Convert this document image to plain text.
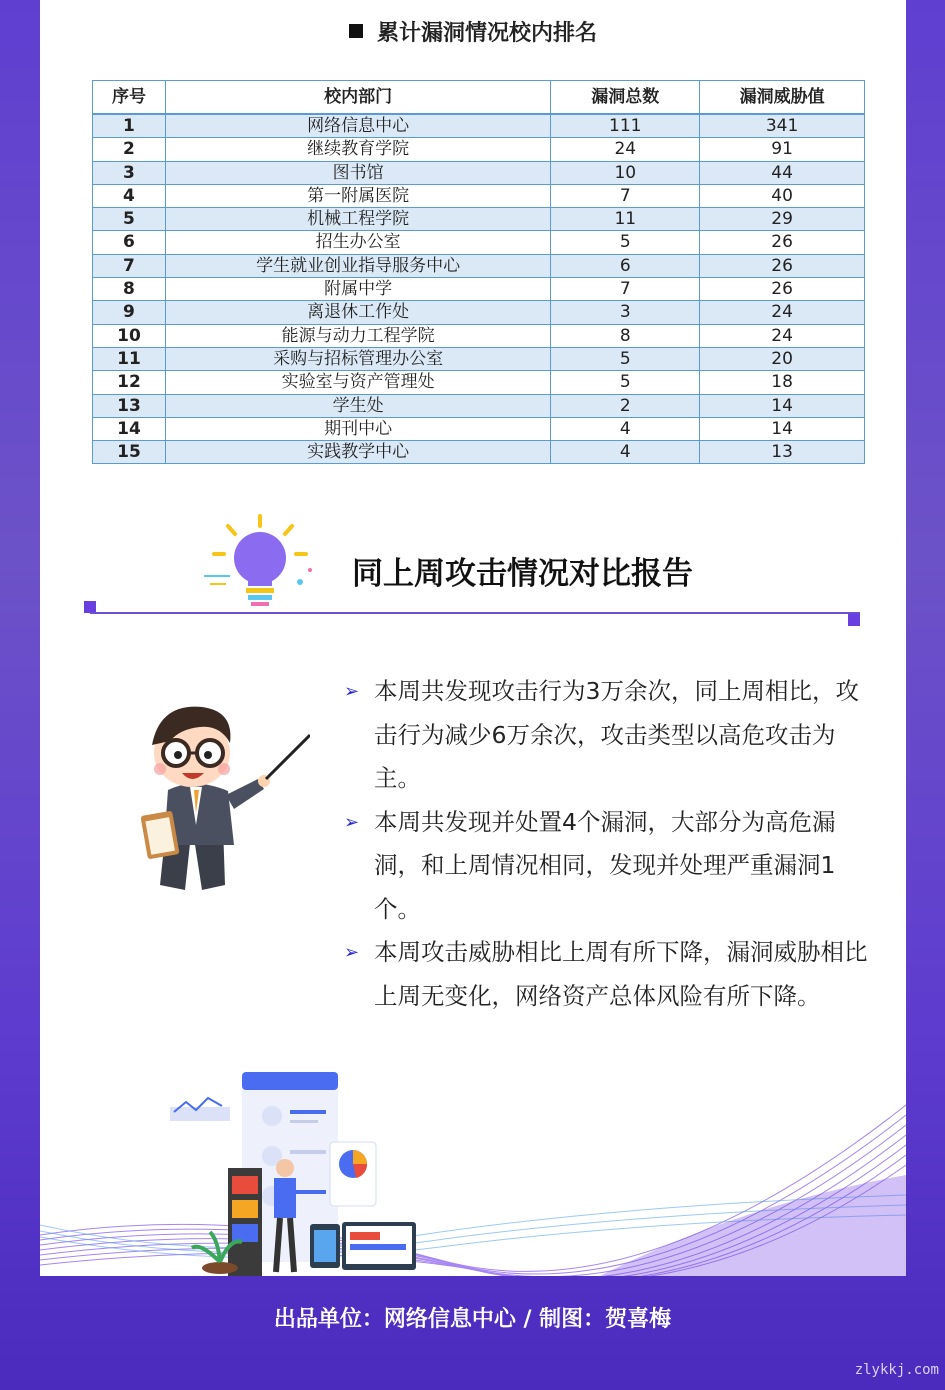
累计漏洞情况校内排名
序号	校内部门	漏洞总数	漏洞威胁值
1	网络信息中心	111	341
2	继续教育学院	24	91
3	图书馆	10	44
4	第一附属医院	7	40
5	机械工程学院	11	29
6	招生办公室	5	26
7	学生就业创业指导服务中心	6	26
8	附属中学	7	26
9	离退休工作处	3	24
10	能源与动力工程学院	8	24
11	采购与招标管理办公室	5	20
12	实验室与资产管理处	5	18
13	学生处	2	14
14	期刊中心	4	14
15	实践教学中心	4	13
同上周攻击情况对比报告
➢ 本周共发现攻击行为3万余次，同上周相比，攻击行为减少6万余次，攻击类型以高危攻击为主。
➢ 本周共发现并处置4个漏洞，大部分为高危漏洞，和上周情况相同，发现并处理严重漏洞1个。
➢ 本周攻击威胁相比上周有所下降，漏洞威胁相比上周无变化，网络资产总体风险有所下降。
出品单位：网络信息中心 / 制图：贺喜梅
zlykkj.com
